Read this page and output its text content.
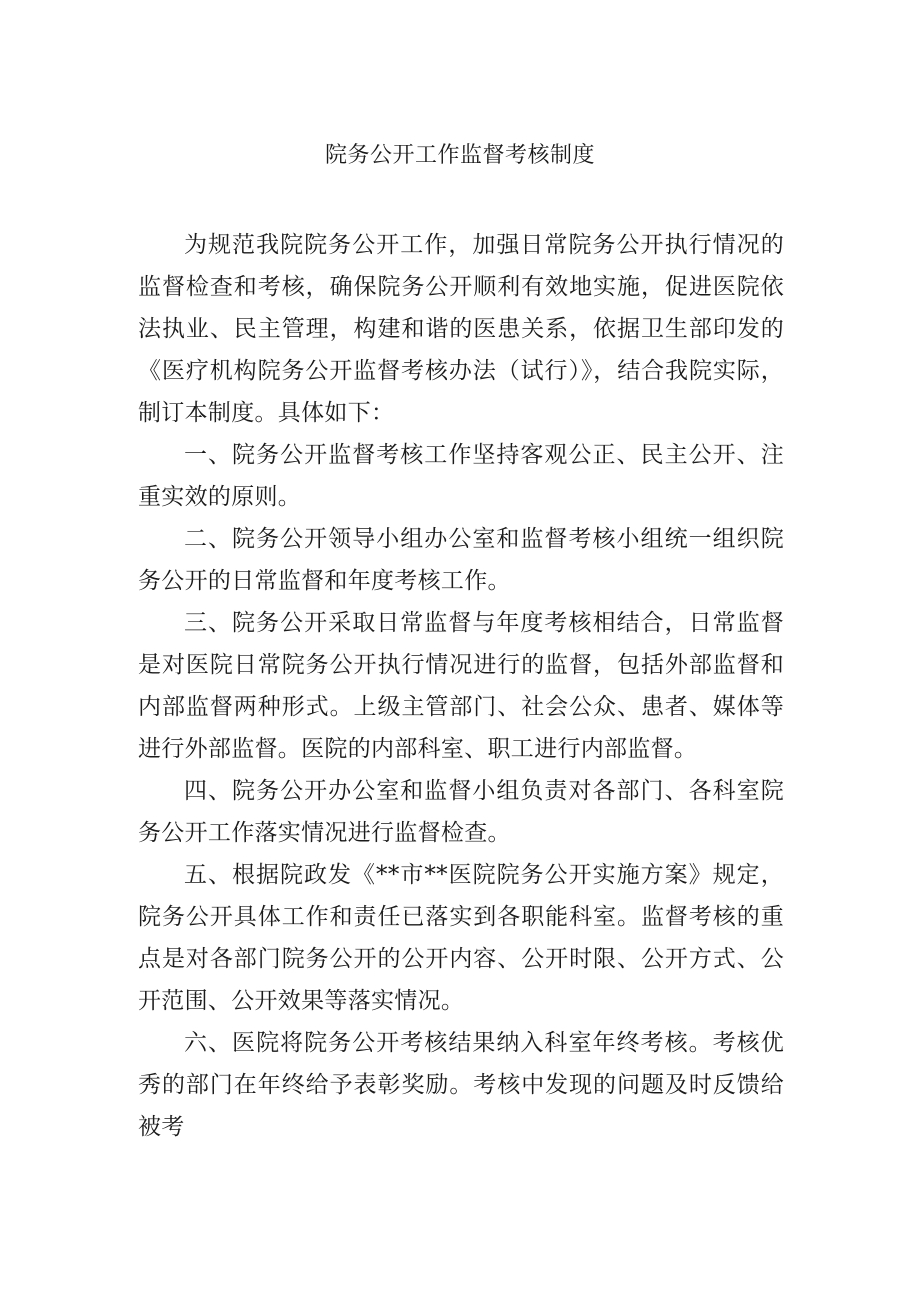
院务公开工作监督考核制度

为规范我院院务公开工作，加强日常院务公开执行情况的监督检查和考核，确保院务公开顺利有效地实施，促进医院依法执业、民主管理，构建和谐的医患关系，依据卫生部印发的《医疗机构院务公开监督考核办法（试行）》，结合我院实际，制订本制度。具体如下：

一、院务公开监督考核工作坚持客观公正、民主公开、注重实效的原则。

二、院务公开领导小组办公室和监督考核小组统一组织院务公开的日常监督和年度考核工作。

三、院务公开采取日常监督与年度考核相结合，日常监督是对医院日常院务公开执行情况进行的监督，包括外部监督和内部监督两种形式。上级主管部门、社会公众、患者、媒体等进行外部监督。医院的内部科室、职工进行内部监督。

四、院务公开办公室和监督小组负责对各部门、各科室院务公开工作落实情况进行监督检查。

五、根据院政发《**市**医院院务公开实施方案》规定，院务公开具体工作和责任已落实到各职能科室。监督考核的重点是对各部门院务公开的公开内容、公开时限、公开方式、公开范围、公开效果等落实情况。

六、医院将院务公开考核结果纳入科室年终考核。考核优秀的部门在年终给予表彰奖励。考核中发现的问题及时反馈给被考
